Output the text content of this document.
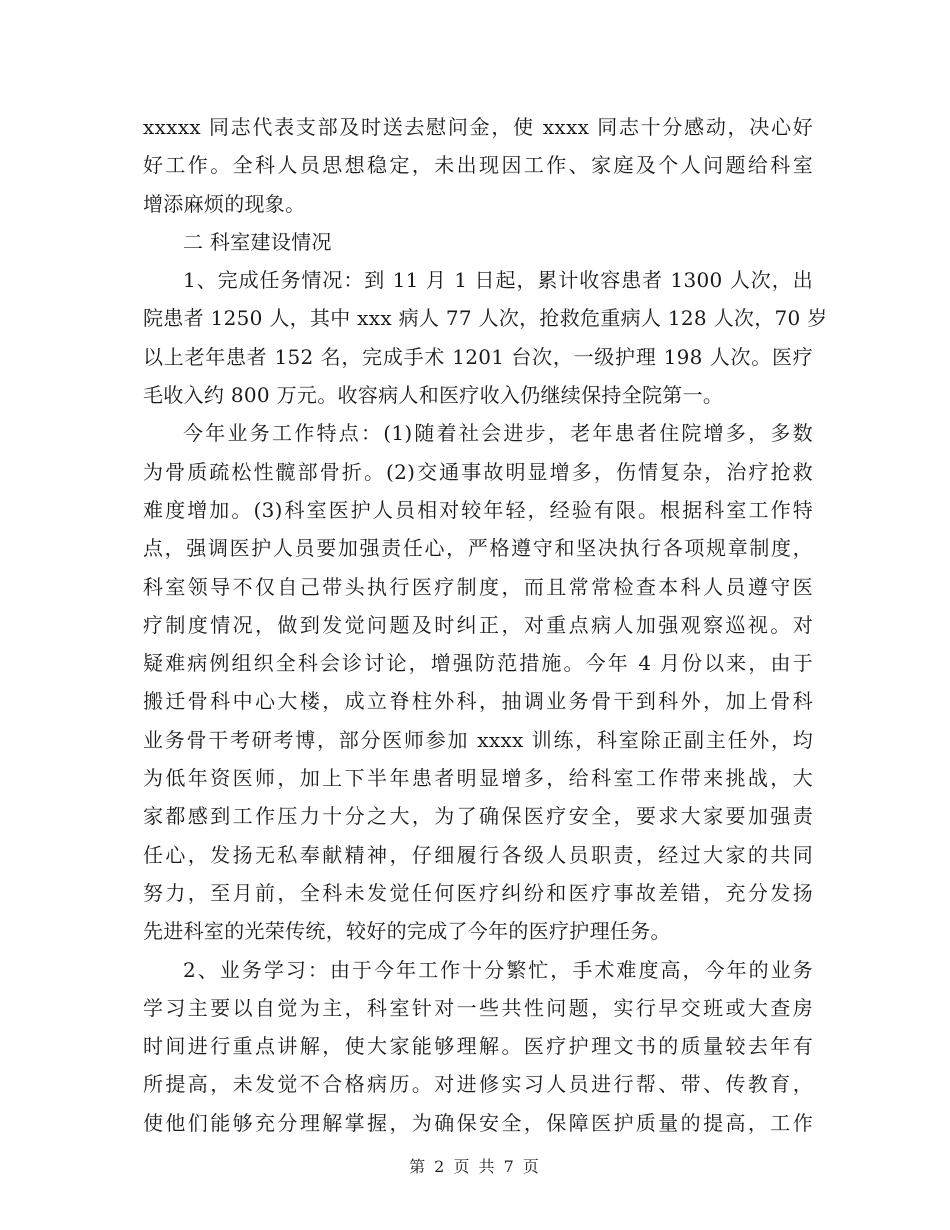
xxxxx 同志代表支部及时送去慰问金，使 xxxx 同志十分感动，决心好
好工作。全科人员思想稳定，未出现因工作、家庭及个人问题给科室
增添麻烦的现象。
二 科室建设情况
1、完成任务情况：到 11 月 1 日起，累计收容患者 1300 人次，出
院患者 1250 人，其中 xxx 病人 77 人次，抢救危重病人 128 人次，70 岁
以上老年患者 152 名，完成手术 1201 台次，一级护理 198 人次。医疗
毛收入约 800 万元。收容病人和医疗收入仍继续保持全院第一。
今年业务工作特点：(1)随着社会进步，老年患者住院增多，多数
为骨质疏松性髋部骨折。(2)交通事故明显增多，伤情复杂，治疗抢救
难度增加。(3)科室医护人员相对较年轻，经验有限。根据科室工作特
点，强调医护人员要加强责任心，严格遵守和坚决执行各项规章制度，
科室领导不仅自己带头执行医疗制度，而且常常检查本科人员遵守医
疗制度情况，做到发觉问题及时纠正，对重点病人加强观察巡视。对
疑难病例组织全科会诊讨论，增强防范措施。今年 4 月份以来，由于
搬迁骨科中心大楼，成立脊柱外科，抽调业务骨干到科外，加上骨科
业务骨干考研考博，部分医师参加 xxxx 训练，科室除正副主任外，均
为低年资医师，加上下半年患者明显增多，给科室工作带来挑战，大
家都感到工作压力十分之大，为了确保医疗安全，要求大家要加强责
任心，发扬无私奉献精神，仔细履行各级人员职责，经过大家的共同
努力，至月前，全科未发觉任何医疗纠纷和医疗事故差错，充分发扬
先进科室的光荣传统，较好的完成了今年的医疗护理任务。
2、业务学习：由于今年工作十分繁忙，手术难度高，今年的业务
学习主要以自觉为主，科室针对一些共性问题，实行早交班或大查房
时间进行重点讲解，使大家能够理解。医疗护理文书的质量较去年有
所提高，未发觉不合格病历。对进修实习人员进行帮、带、传教育，
使他们能够充分理解掌握，为确保安全，保障医护质量的提高，工作
第 2 页 共 7 页
